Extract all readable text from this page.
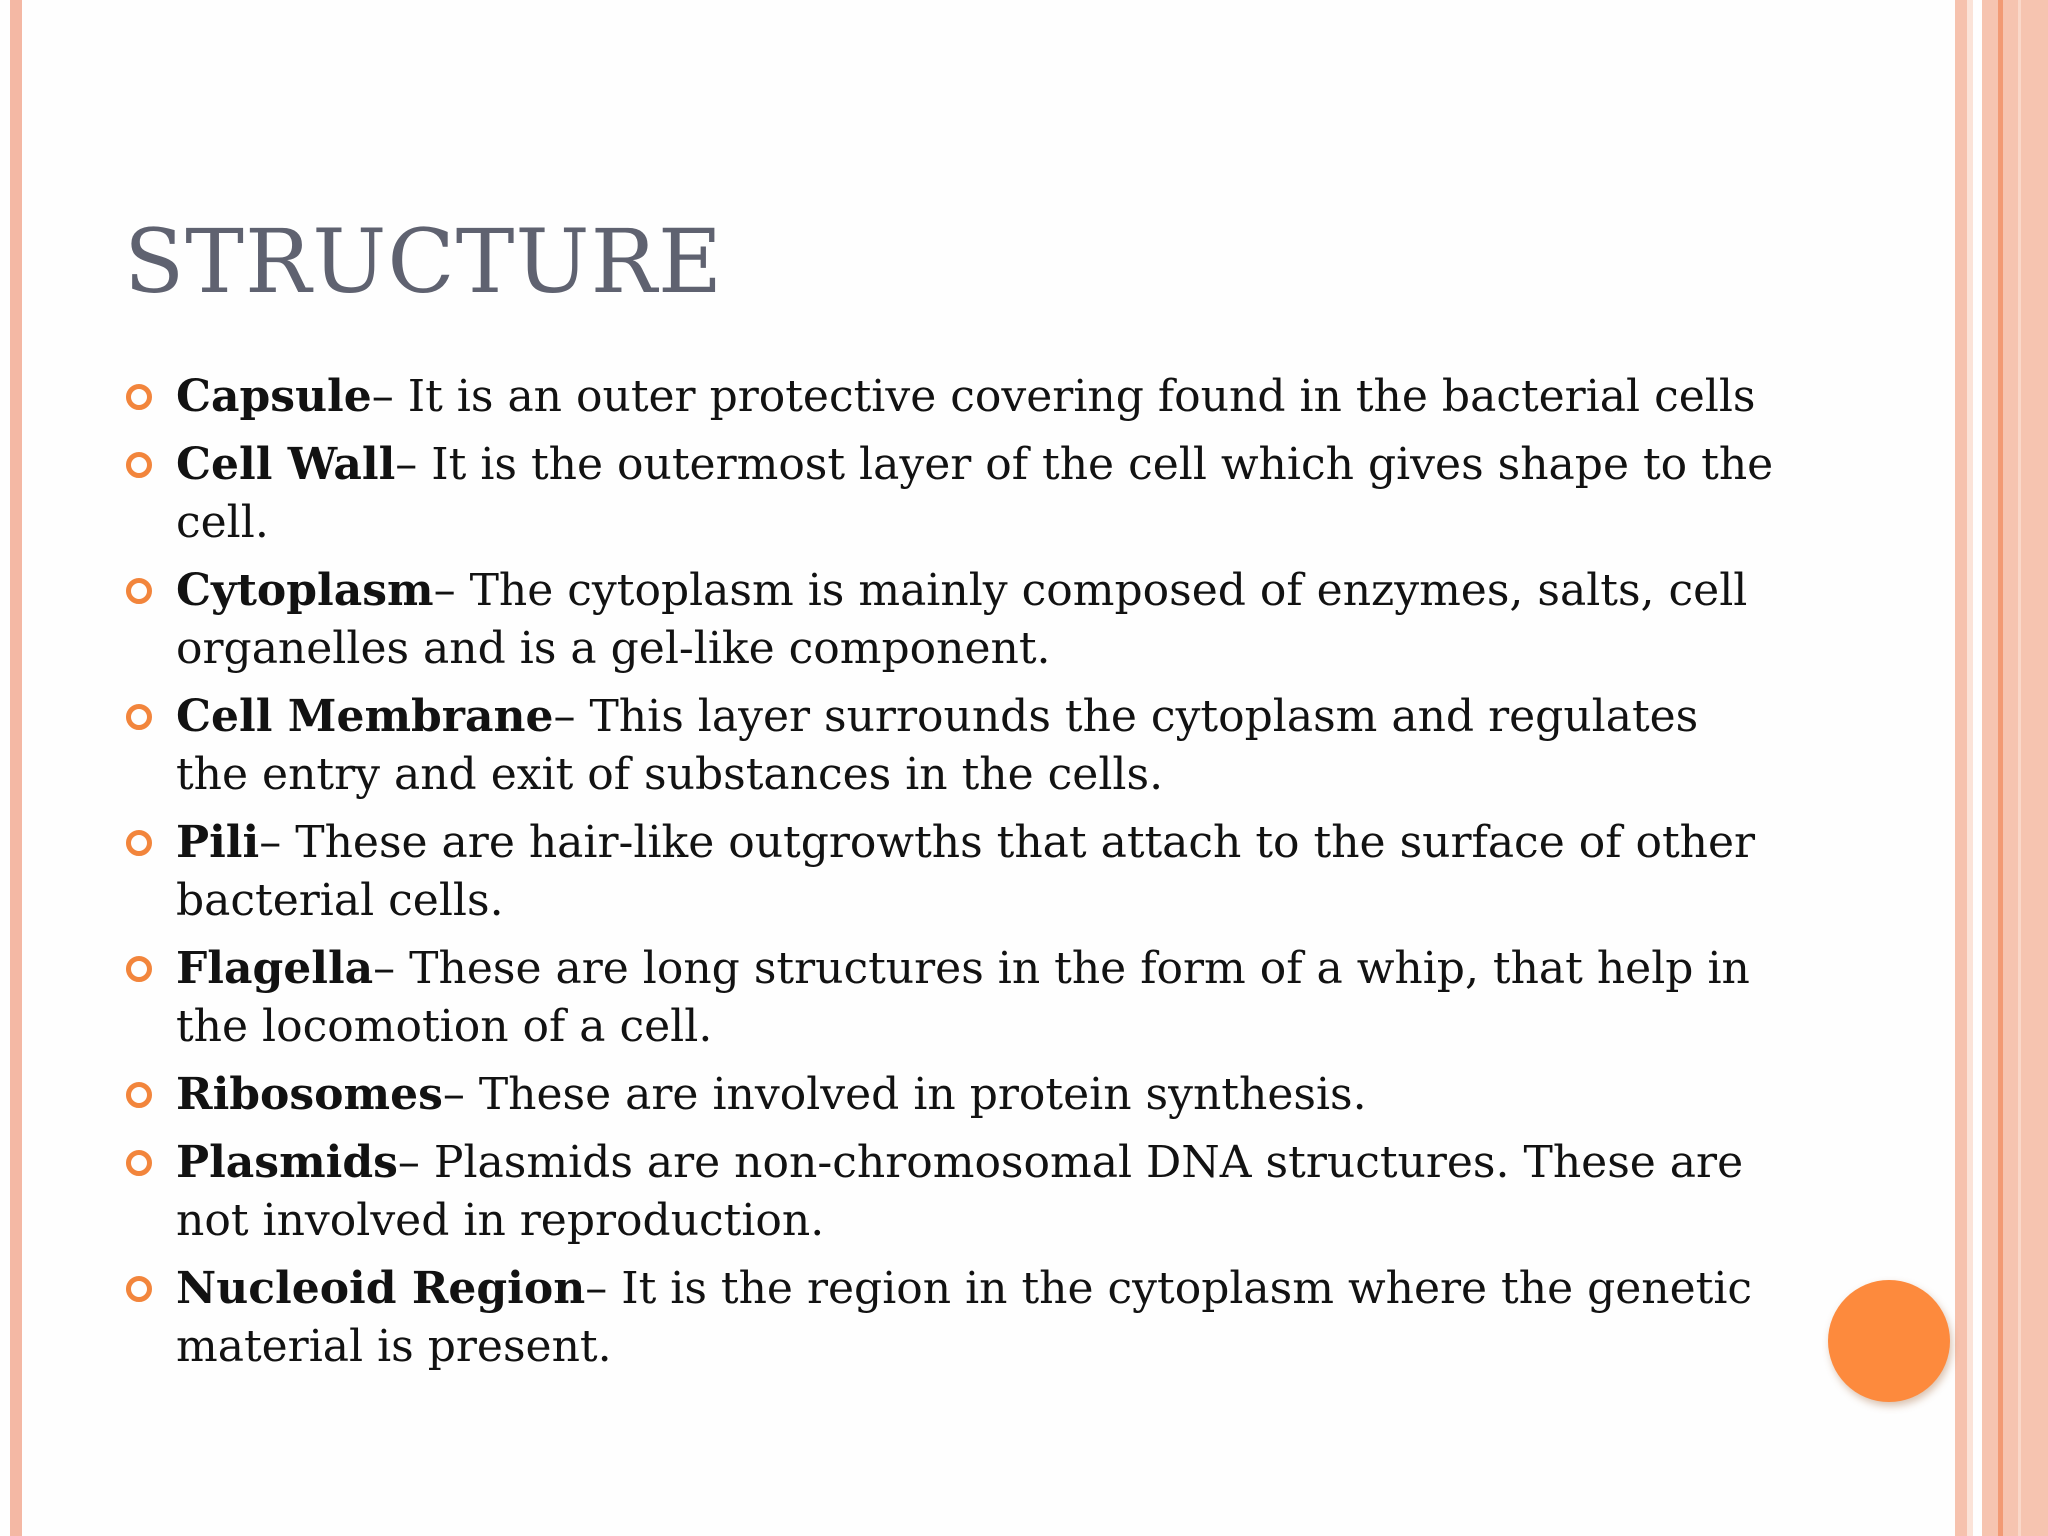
STRUCTURE
Capsule– It is an outer protective covering found in the bacterial cells
Cell Wall– It is the outermost layer of the cell which gives shape to the cell.
Cytoplasm– The cytoplasm is mainly composed of enzymes, salts, cell organelles and is a gel-like component.
Cell Membrane– This layer surrounds the cytoplasm and regulates the entry and exit of substances in the cells.
Pili– These are hair-like outgrowths that attach to the surface of other bacterial cells.
Flagella– These are long structures in the form of a whip, that help in the locomotion of a cell.
Ribosomes– These are involved in protein synthesis.
Plasmids– Plasmids are non-chromosomal DNA structures. These are not involved in reproduction.
Nucleoid Region– It is the region in the cytoplasm where the genetic material is present.
